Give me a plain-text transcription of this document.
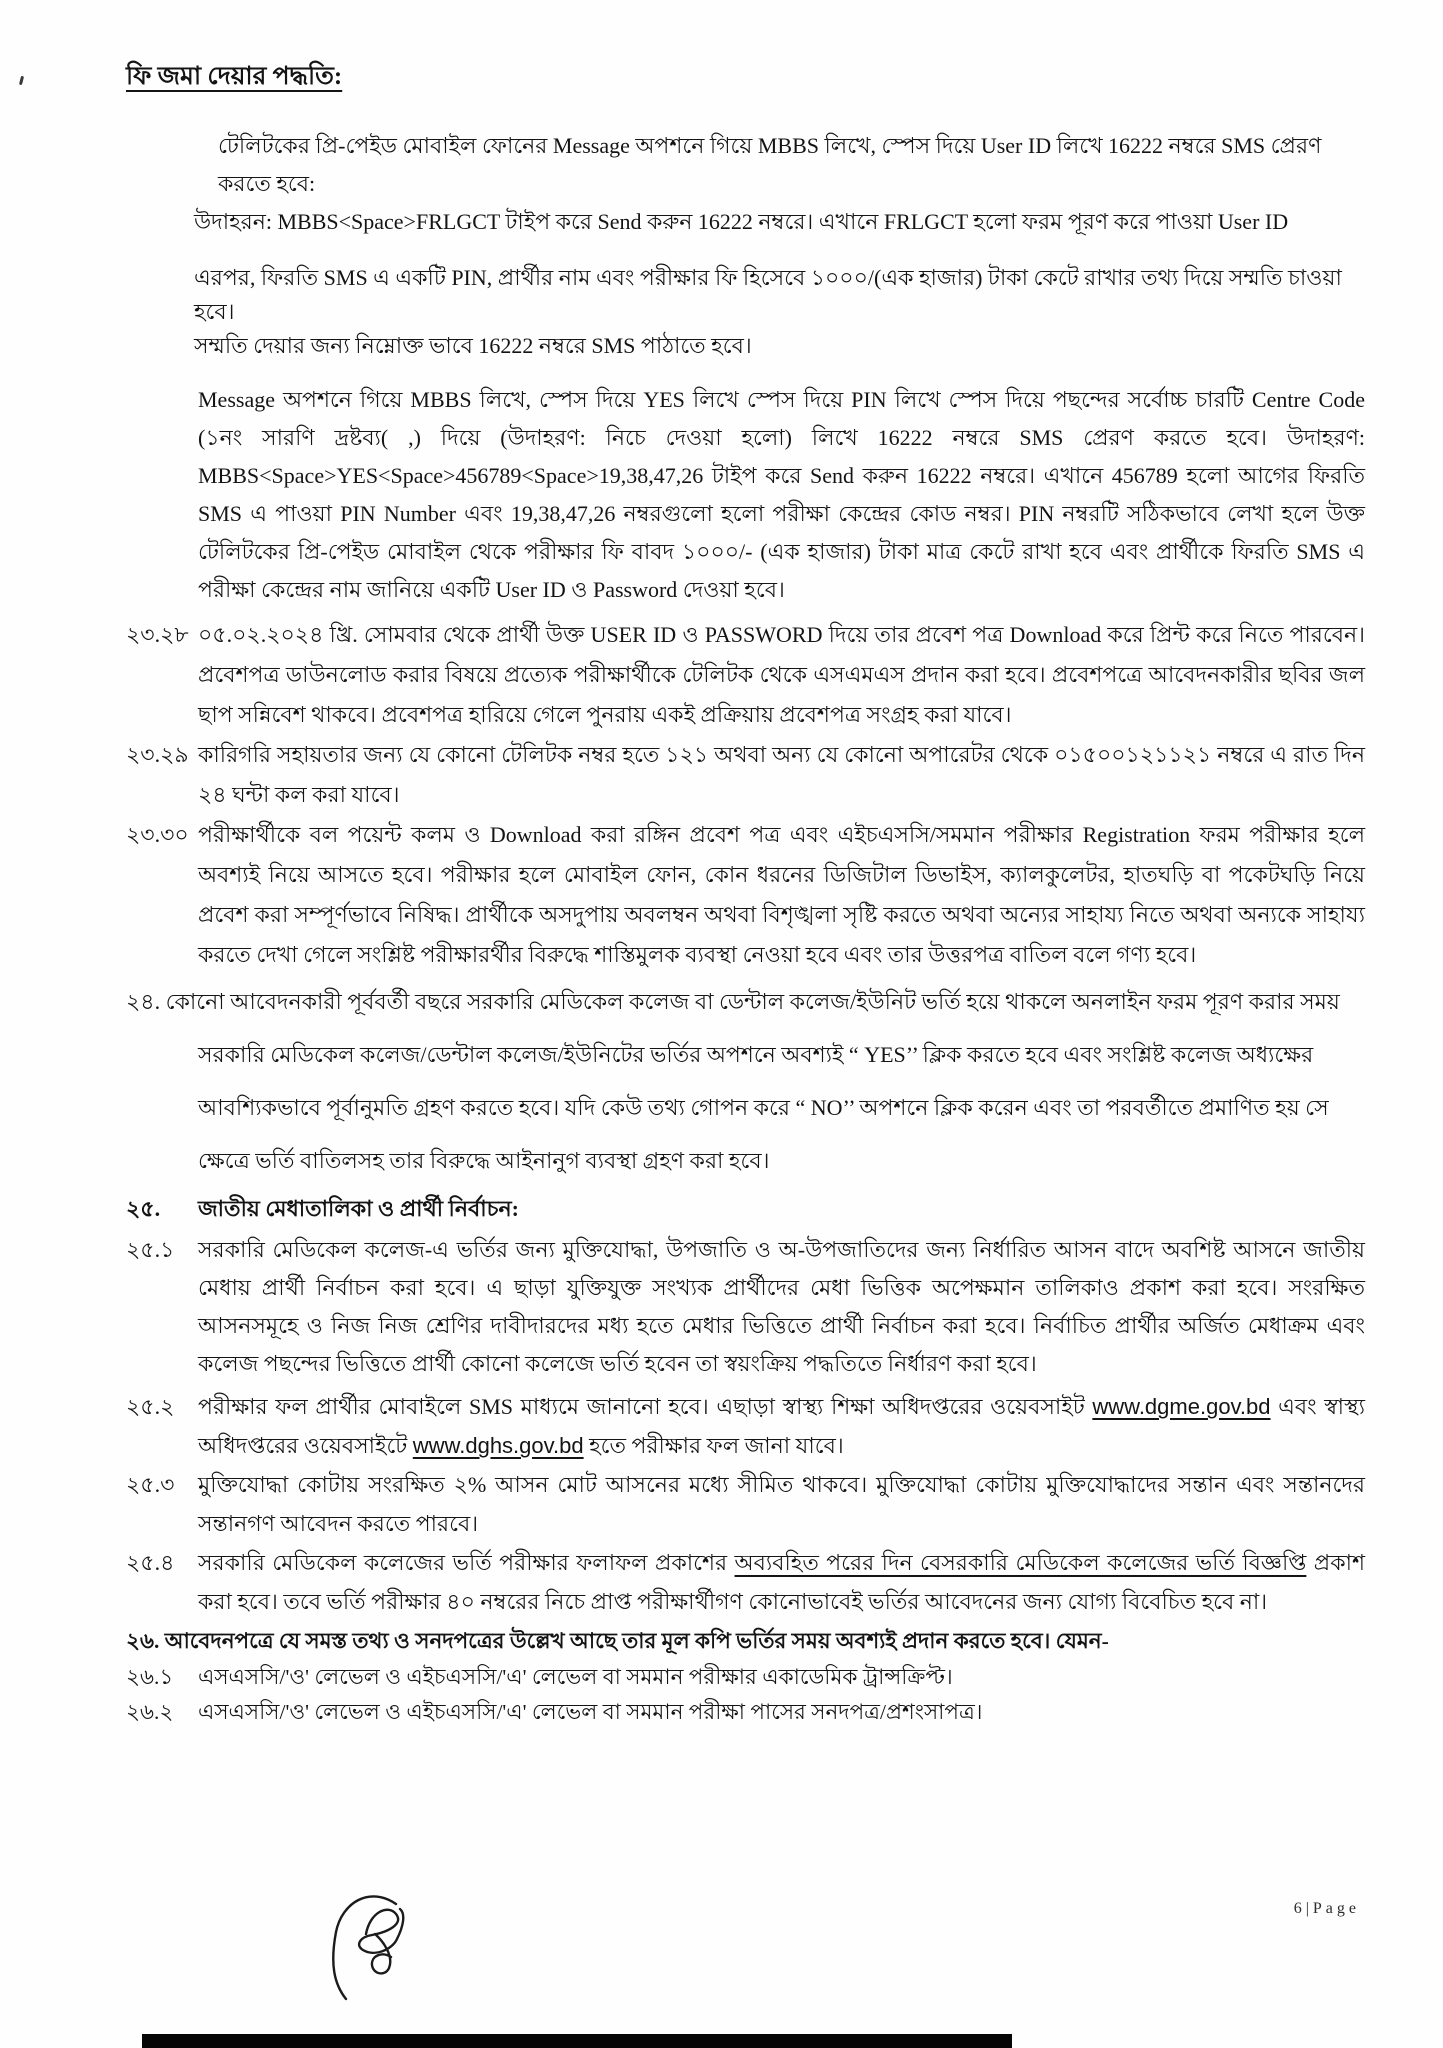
ফি জমা দেয়ার পদ্ধতি:
টেলিটকের প্রি-পেইড মোবাইল ফোনের Message অপশনে গিয়ে MBBS লিখে, স্পেস দিয়ে User ID লিখে 16222 নম্বরে SMS প্রেরণ করতে হবে:
উদাহরন: MBBS<Space>FRLGCT টাইপ করে Send করুন 16222 নম্বরে। এখানে FRLGCT হলো ফরম পূরণ করে পাওয়া User ID
এরপর, ফিরতি SMS এ একটি PIN, প্রার্থীর নাম এবং পরীক্ষার ফি হিসেবে ১০০০/(এক হাজার) টাকা কেটে রাখার তথ্য দিয়ে সম্মতি চাওয়া হবে।
সম্মতি দেয়ার জন্য নিম্নোক্ত ভাবে 16222 নম্বরে SMS পাঠাতে হবে।
Message অপশনে গিয়ে MBBS লিখে, স্পেস দিয়ে YES লিখে স্পেস দিয়ে PIN লিখে স্পেস দিয়ে পছন্দের সর্বোচ্চ চারটি Centre Code (১নং সারণি দ্রষ্টব্য( ,) দিয়ে (উদাহরণ: নিচে দেওয়া হলো) লিখে 16222 নম্বরে SMS প্রেরণ করতে হবে। উদাহরণ: MBBS<Space>YES<Space>456789<Space>19,38,47,26 টাইপ করে Send করুন 16222 নম্বরে। এখানে 456789 হলো আগের ফিরতি SMS এ পাওয়া PIN Number এবং 19,38,47,26 নম্বরগুলো হলো পরীক্ষা কেন্দ্রের কোড নম্বর। PIN নম্বরটি সঠিকভাবে লেখা হলে উক্ত টেলিটকের প্রি-পেইড মোবাইল থেকে পরীক্ষার ফি বাবদ ১০০০/- (এক হাজার) টাকা মাত্র কেটে রাখা হবে এবং প্রার্থীকে ফিরতি SMS এ পরীক্ষা কেন্দ্রের নাম জানিয়ে একটি User ID ও Password দেওয়া হবে।
২৩.২৮ ০৫.০২.২০২৪ খ্রি. সোমবার থেকে প্রার্থী উক্ত USER ID ও PASSWORD দিয়ে তার প্রবেশ পত্র Download করে প্রিন্ট করে নিতে পারবেন। প্রবেশপত্র ডাউনলোড করার বিষয়ে প্রত্যেক পরীক্ষার্থীকে টেলিটক থেকে এসএমএস প্রদান করা হবে। প্রবেশপত্রে আবেদনকারীর ছবির জল ছাপ সন্নিবেশ থাকবে। প্রবেশপত্র হারিয়ে গেলে পুনরায় একই প্রক্রিয়ায় প্রবেশপত্র সংগ্রহ করা যাবে।
২৩.২৯ কারিগরি সহায়তার জন্য যে কোনো টেলিটক নম্বর হতে ১২১ অথবা অন্য যে কোনো অপারেটর থেকে ০১৫০০১২১১২১ নম্বরে এ রাত দিন ২৪ ঘন্টা কল করা যাবে।
২৩.৩০ পরীক্ষার্থীকে বল পয়েন্ট কলম ও Download করা রঙ্গিন প্রবেশ পত্র এবং এইচএসসি/সমমান পরীক্ষার Registration ফরম পরীক্ষার হলে অবশ্যই নিয়ে আসতে হবে। পরীক্ষার হলে মোবাইল ফোন, কোন ধরনের ডিজিটাল ডিভাইস, ক্যালকুলেটর, হাতঘড়ি বা পকেটঘড়ি নিয়ে প্রবেশ করা সম্পূর্ণভাবে নিষিদ্ধ। প্রার্থীকে অসদুপায় অবলম্বন অথবা বিশৃঙ্খলা সৃষ্টি করতে অথবা অন্যের সাহায্য নিতে অথবা অন্যকে সাহায্য করতে দেখা গেলে সংশ্লিষ্ট পরীক্ষারর্থীর বিরুদ্ধে শাস্তিমুলক ব্যবস্থা নেওয়া হবে এবং তার উত্তরপত্র বাতিল বলে গণ্য হবে।
২৪. কোনো আবেদনকারী পূর্ববর্তী বছরে সরকারি মেডিকেল কলেজ বা ডেন্টাল কলেজ/ইউনিট ভর্তি হয়ে থাকলে অনলাইন ফরম পূরণ করার সময় সরকারি মেডিকেল কলেজ/ডেন্টাল কলেজ/ইউনিটের ভর্তির অপশনে অবশ্যই “ YES’’ ক্লিক করতে হবে এবং সংশ্লিষ্ট কলেজ অধ্যক্ষের আবশ্যিকভাবে পূর্বানুমতি গ্রহণ করতে হবে। যদি কেউ তথ্য গোপন করে “ NO’’ অপশনে ক্লিক করেন এবং তা পরবর্তীতে প্রমাণিত হয় সে ক্ষেত্রে ভর্তি বাতিলসহ তার বিরুদ্ধে আইনানুগ ব্যবস্থা গ্রহণ করা হবে।
২৫. জাতীয় মেধাতালিকা ও প্রার্থী নির্বাচন:
২৫.১ সরকারি মেডিকেল কলেজ-এ ভর্তির জন্য মুক্তিযোদ্ধা, উপজাতি ও অ-উপজাতিদের জন্য নির্ধারিত আসন বাদে অবশিষ্ট আসনে জাতীয় মেধায় প্রার্থী নির্বাচন করা হবে। এ ছাড়া যুক্তিযুক্ত সংখ্যক প্রার্থীদের মেধা ভিত্তিক অপেক্ষমান তালিকাও প্রকাশ করা হবে। সংরক্ষিত আসনসমূহে ও নিজ নিজ শ্রেণির দাবীদারদের মধ্য হতে মেধার ভিত্তিতে প্রার্থী নির্বাচন করা হবে। নির্বাচিত প্রার্থীর অর্জিত মেধাক্রম এবং কলেজ পছন্দের ভিত্তিতে প্রার্থী কোনো কলেজে ভর্তি হবেন তা স্বয়ংক্রিয় পদ্ধতিতে নির্ধারণ করা হবে।
২৫.২ পরীক্ষার ফল প্রার্থীর মোবাইলে SMS মাধ্যমে জানানো হবে। এছাড়া স্বাস্থ্য শিক্ষা অধিদপ্তরের ওয়েবসাইট www.dgme.gov.bd এবং স্বাস্থ্য অধিদপ্তরের ওয়েবসাইটে www.dghs.gov.bd হতে পরীক্ষার ফল জানা যাবে।
২৫.৩ মুক্তিযোদ্ধা কোটায় সংরক্ষিত ২% আসন মোট আসনের মধ্যে সীমিত থাকবে। মুক্তিযোদ্ধা কোটায় মুক্তিযোদ্ধাদের সন্তান এবং সন্তানদের সন্তানগণ আবেদন করতে পারবে।
২৫.৪ সরকারি মেডিকেল কলেজের ভর্তি পরীক্ষার ফলাফল প্রকাশের অব্যবহিত পরের দিন বেসরকারি মেডিকেল কলেজের ভর্তি বিজ্ঞপ্তি প্রকাশ করা হবে। তবে ভর্তি পরীক্ষার ৪০ নম্বরের নিচে প্রাপ্ত পরীক্ষার্থীগণ কোনোভাবেই ভর্তির আবেদনের জন্য যোগ্য বিবেচিত হবে না।
২৬. আবেদনপত্রে যে সমস্ত তথ্য ও সনদপত্রের উল্লেখ আছে তার মূল কপি ভর্তির সময় অবশ্যই প্রদান করতে হবে। যেমন-
২৬.১ এসএসসি/'ও' লেভেল ও এইচএসসি/'এ' লেভেল বা সমমান পরীক্ষার একাডেমিক ট্রান্সক্রিপ্ট।
২৬.২ এসএসসি/'ও' লেভেল ও এইচএসসি/'এ' লেভেল বা সমমান পরীক্ষা পাসের সনদপত্র/প্রশংসাপত্র।
6|Page
